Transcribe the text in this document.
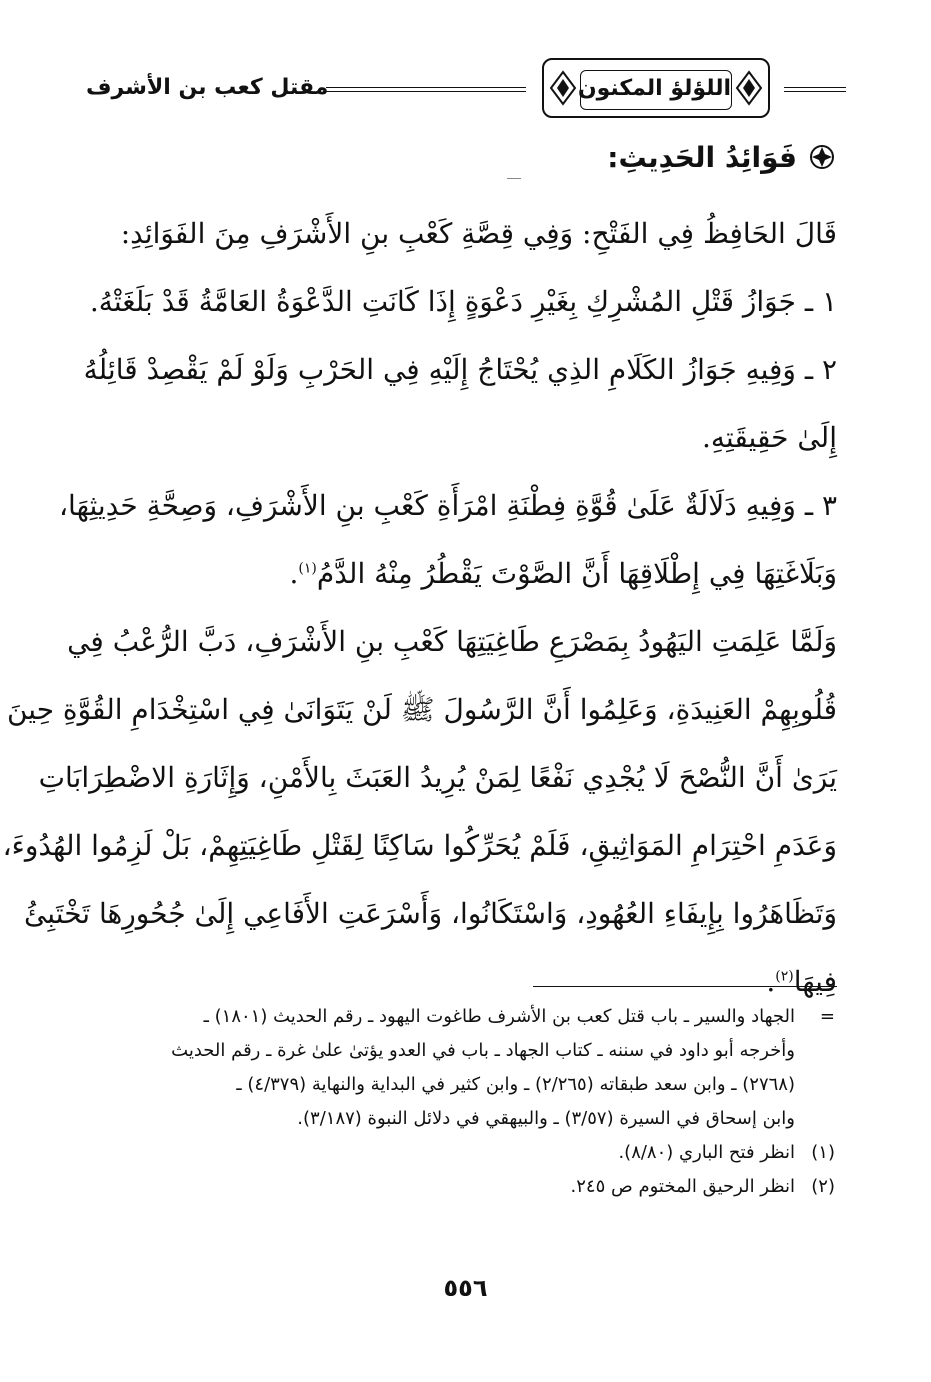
اللؤلؤ المكنون
مقتل كعب بن الأشرف
فَوَائِدُ الحَدِيثِ:

قَالَ الحَافِظُ فِي الفَتْحِ: وَفِي قِصَّةِ كَعْبِ بنِ الأَشْرَفِ مِنَ الفَوَائِدِ:

١ ـ جَوَازُ قَتْلِ المُشْرِكِ بِغَيْرِ دَعْوَةٍ إِذَا كَانَتِ الدَّعْوَةُ العَامَّةُ قَدْ بَلَغَتْهُ.

٢ ـ وَفِيهِ جَوَازُ الكَلَامِ الذِي يُحْتَاجُ إِلَيْهِ فِي الحَرْبِ وَلَوْ لَمْ يَقْصِدْ قَائِلُهُ

إِلَىٰ حَقِيقَتِهِ.

٣ ـ وَفِيهِ دَلَالَةٌ عَلَىٰ قُوَّةِ فِطْنَةِ امْرَأَةِ كَعْبِ بنِ الأَشْرَفِ، وَصِحَّةِ حَدِيثِهَا،

وَبَلَاغَتِهَا فِي إِطْلَاقِهَا أَنَّ الصَّوْتَ يَقْطُرُ مِنْهُ الدَّمُ$^{(١)}$.

وَلَمَّا عَلِمَتِ اليَهُودُ بِمَصْرَعِ طَاغِيَتِهَا كَعْبِ بنِ الأَشْرَفِ، دَبَّ الرُّعْبُ فِي

قُلُوبِهِمْ العَنِيدَةِ، وَعَلِمُوا أَنَّ الرَّسُولَ ﷺ لَنْ يَتَوَانَىٰ فِي اسْتِخْدَامِ القُوَّةِ حِينَ

يَرَىٰ أَنَّ النُّصْحَ لَا يُجْدِي نَفْعًا لِمَنْ يُرِيدُ العَبَثَ بِالأَمْنِ، وَإِثَارَةِ الاضْطِرَابَاتِ

وَعَدَمِ احْتِرَامِ المَوَاثِيقِ، فَلَمْ يُحَرِّكُوا سَاكِنًا لِقَتْلِ طَاغِيَتِهِمْ، بَلْ لَزِمُوا الهُدُوءَ،

وَتَظَاهَرُوا بِإِيفَاءِ العُهُودِ، وَاسْتَكَانُوا، وَأَسْرَعَتِ الأَفَاعِي إِلَىٰ جُحُورِهَا تَخْتَبِئُ

فِيهَا$^{(٢)}$.

=الجهاد والسير ـ باب قتل كعب بن الأشرف طاغوت اليهود ـ رقم الحديث (١٨٠١) ـ
وأخرجه أبو داود في سننه ـ كتاب الجهاد ـ باب في العدو يؤتىٰ علىٰ غرة ـ رقم الحديث
(٢٧٦٨) ـ وابن سعد طبقاته (٢/٢٦٥) ـ وابن كثير في البداية والنهاية (٤/٣٧٩) ـ
وابن إسحاق في السيرة (٣/٥٧) ـ والبيهقي في دلائل النبوة (٣/١٨٧).
(١)انظر فتح الباري (٨/٨٠).
(٢)انظر الرحيق المختوم ص ٢٤٥.
٥٥٦
